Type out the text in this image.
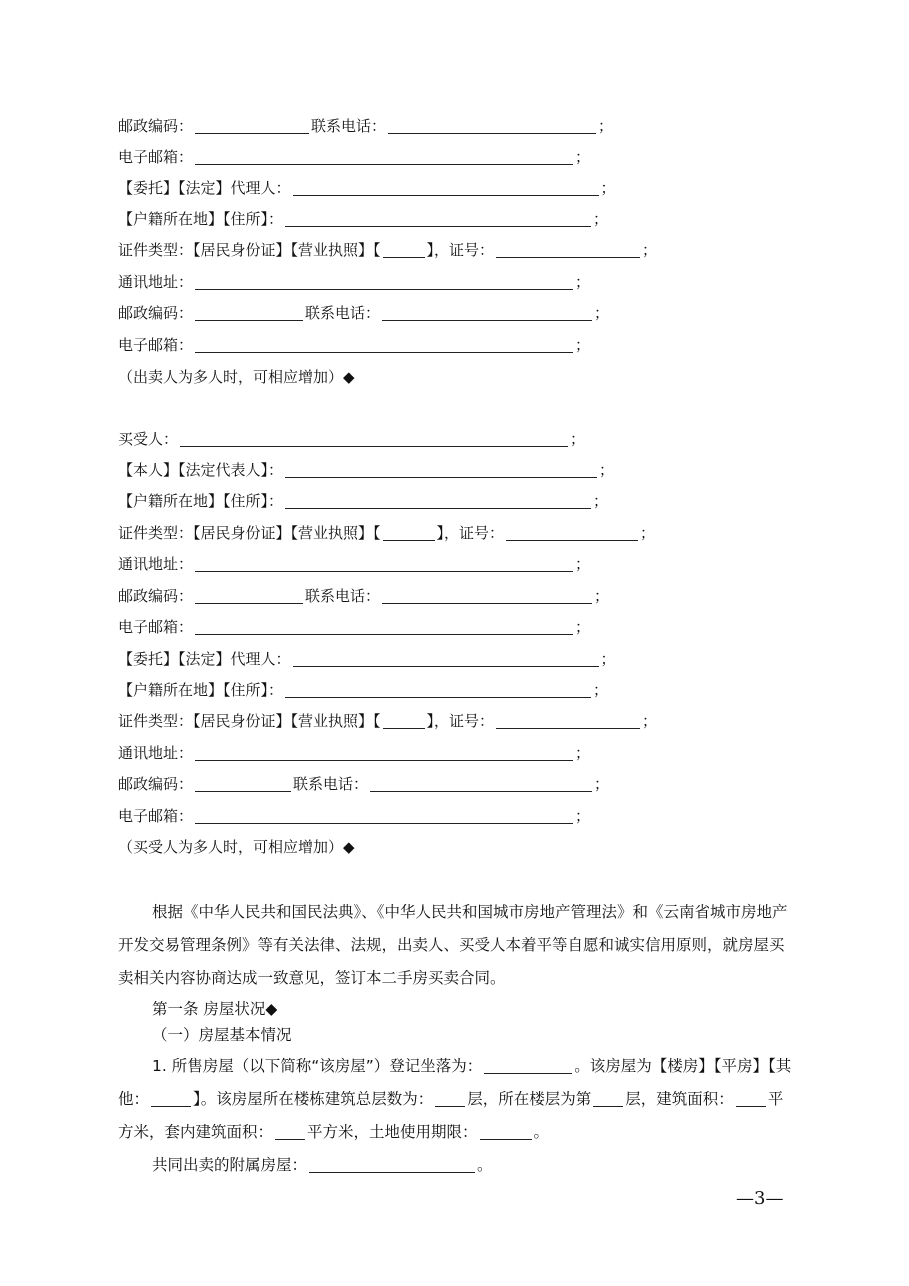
邮政编码：	联系电话：	；
电子邮箱：	；
【委托】【法定】代理人：	；
【户籍所在地】【住所】：	；
证件类型：【居民身份证】【营业执照】【	】，证号：	；
通讯地址：	；
邮政编码：	联系电话：	；
电子邮箱：	；
（出卖人为多人时，可相应增加）◆
买受人：	；
【本人】【法定代表人】：	；
【户籍所在地】【住所】：	；
证件类型：【居民身份证】【营业执照】【	】，证号：	；
通讯地址：	；
邮政编码：	联系电话：	；
电子邮箱：	；
【委托】【法定】代理人：	；
【户籍所在地】【住所】：	；
证件类型：【居民身份证】【营业执照】【	】，证号：	；
通讯地址：	；
邮政编码：	联系电话：	；
电子邮箱：	；
（买受人为多人时，可相应增加）◆
根据《中华人民共和国民法典》、《中华人民共和国城市房地产管理法》和《云南省城市房地产开发交易管理条例》等有关法律、法规，出卖人、买受人本着平等自愿和诚实信用原则，就房屋买卖相关内容协商达成一致意见，签订本二手房买卖合同。
第一条 房屋状况◆
（一）房屋基本情况
1. 所售房屋（以下简称“该房屋”）登记坐落为：	。该房屋为【楼房】【平房】【其他：	】。该房屋所在楼栋建筑总层数为： 层，所在楼层为第 层，建筑面积： 平方米，套内建筑面积： 平方米，土地使用期限：	。
共同出卖的附属房屋：	。
—3—
